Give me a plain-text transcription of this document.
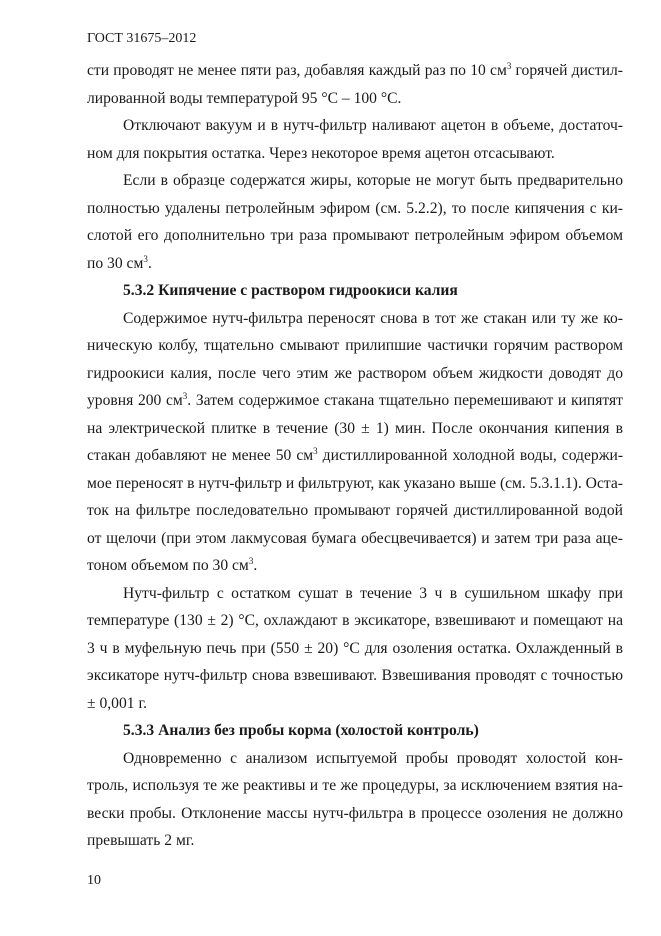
ГОСТ 31675–2012
сти проводят не менее пяти раз, добавляя каждый раз по 10 $см^3$ горячей дистил-
лированной воды температурой 95 °С – 100 °С.
Отключают вакуум и в нутч-фильтр наливают ацетон в объеме, достаточ-
ном для покрытия остатка. Через некоторое время ацетон отсасывают.
Если в образце содержатся жиры, которые не могут быть предварительно
полностью удалены петролейным эфиром (см. 5.2.2), то после кипячения с ки-
слотой его дополнительно три раза промывают петролейным эфиром объемом
по 30 $см^3$.
5.3.2 Кипячение с раствором гидроокиси калия
Содержимое нутч-фильтра переносят снова в тот же стакан или ту же ко-
ническую колбу, тщательно смывают прилипшие частички горячим раствором
гидроокиси калия, после чего этим же раствором объем жидкости доводят до
уровня 200 $см^3$. Затем содержимое стакана тщательно перемешивают и кипятят
на электрической плитке в течение (30 ± 1) мин. После окончания кипения в
стакан добавляют не менее 50 $см^3$ дистиллированной холодной воды, содержи-
мое переносят в нутч-фильтр и фильтруют, как указано выше (см. 5.3.1.1). Оста-
ток на фильтре последовательно промывают горячей дистиллированной водой
от щелочи (при этом лакмусовая бумага обесцвечивается) и затем три раза аце-
тоном объемом по 30 $см^3$.
Нутч-фильтр с остатком сушат в течение 3 ч в сушильном шкафу при
температуре (130 ± 2) °С, охлаждают в эксикаторе, взвешивают и помещают на
3 ч в муфельную печь при (550 ± 20) °С для озоления остатка. Охлажденный в
эксикаторе нутч-фильтр снова взвешивают. Взвешивания проводят с точностью
± 0,001 г.
5.3.3 Анализ без пробы корма (холостой контроль)
Одновременно с анализом испытуемой пробы проводят холостой кон-
троль, используя те же реактивы и те же процедуры, за исключением взятия на-
вески пробы. Отклонение массы нутч-фильтра в процессе озоления не должно
превышать 2 мг.
10
